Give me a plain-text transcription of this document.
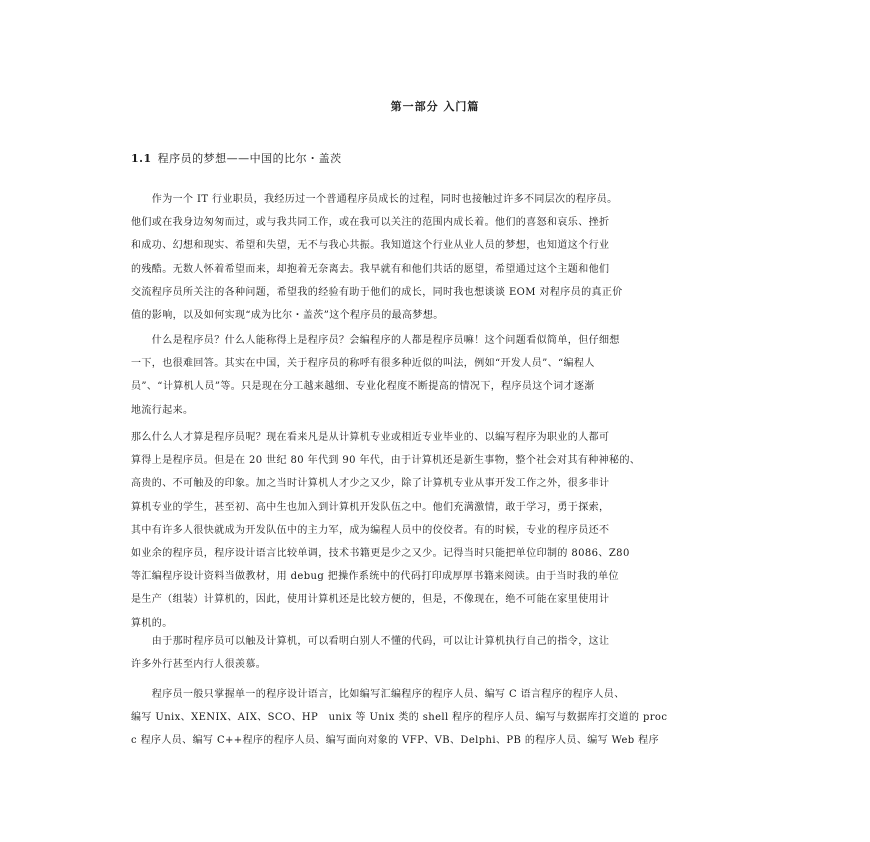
第一部分 入门篇
1.1 程序员的梦想——中国的比尔・盖茨

　　作为一个 IT 行业职员，我经历过一个普通程序员成长的过程，同时也接触过许多不同层次的程序员。
他们或在我身边匆匆而过，或与我共同工作，或在我可以关注的范围内成长着。他们的喜怒和哀乐、挫折
和成功、幻想和现实、希望和失望，无不与我心共振。我知道这个行业从业人员的梦想，也知道这个行业
的残酷。无数人怀着希望而来，却抱着无奈离去。我早就有和他们共话的愿望，希望通过这个主题和他们
交流程序员所关注的各种问题，希望我的经验有助于他们的成长，同时我也想谈谈 EOM 对程序员的真正价
值的影响，以及如何实现“成为比尔・盖茨”这个程序员的最高梦想。

　　什么是程序员？什么人能称得上是程序员？会编程序的人都是程序员嘛！这个问题看似简单，但仔细想
一下，也很难回答。其实在中国，关于程序员的称呼有很多种近似的叫法，例如“开发人员”、“编程人
员”、“计算机人员”等。只是现在分工越来越细、专业化程度不断提高的情况下，程序员这个词才逐渐
地流行起来。

那么什么人才算是程序员呢？现在看来凡是从计算机专业或相近专业毕业的、以编写程序为职业的人都可
算得上是程序员。但是在 20 世纪 80 年代到 90 年代，由于计算机还是新生事物，整个社会对其有种神秘的、
高贵的、不可触及的印象。加之当时计算机人才少之又少，除了计算机专业从事开发工作之外，很多非计
算机专业的学生，甚至初、高中生也加入到计算机开发队伍之中。他们充满激情，敢于学习，勇于探索，
其中有许多人很快就成为开发队伍中的主力军，成为编程人员中的佼佼者。有的时候，专业的程序员还不
如业余的程序员，程序设计语言比较单调，技术书籍更是少之又少。记得当时只能把单位印制的 8086、Z80
等汇编程序设计资料当做教材，用 debug 把操作系统中的代码打印成厚厚书籍来阅读。由于当时我的单位
是生产（组装）计算机的，因此，使用计算机还是比较方便的，但是，不像现在，绝不可能在家里使用计
算机的。

　　由于那时程序员可以触及计算机，可以看明白别人不懂的代码，可以让计算机执行自己的指令，这让
许多外行甚至内行人很羡慕。

　　程序员一般只掌握单一的程序设计语言，比如编写汇编程序的程序人员、编写 C 语言程序的程序人员、
编写 Unix、XENIX、AIX、SCO、HP　unix 等 Unix 类的 shell 程序的程序人员、编写与数据库打交道的 proc
c 程序人员、编写 C++程序的程序人员、编写面向对象的 VFP、VB、Delphi、PB 的程序人员、编写 Web 程序
